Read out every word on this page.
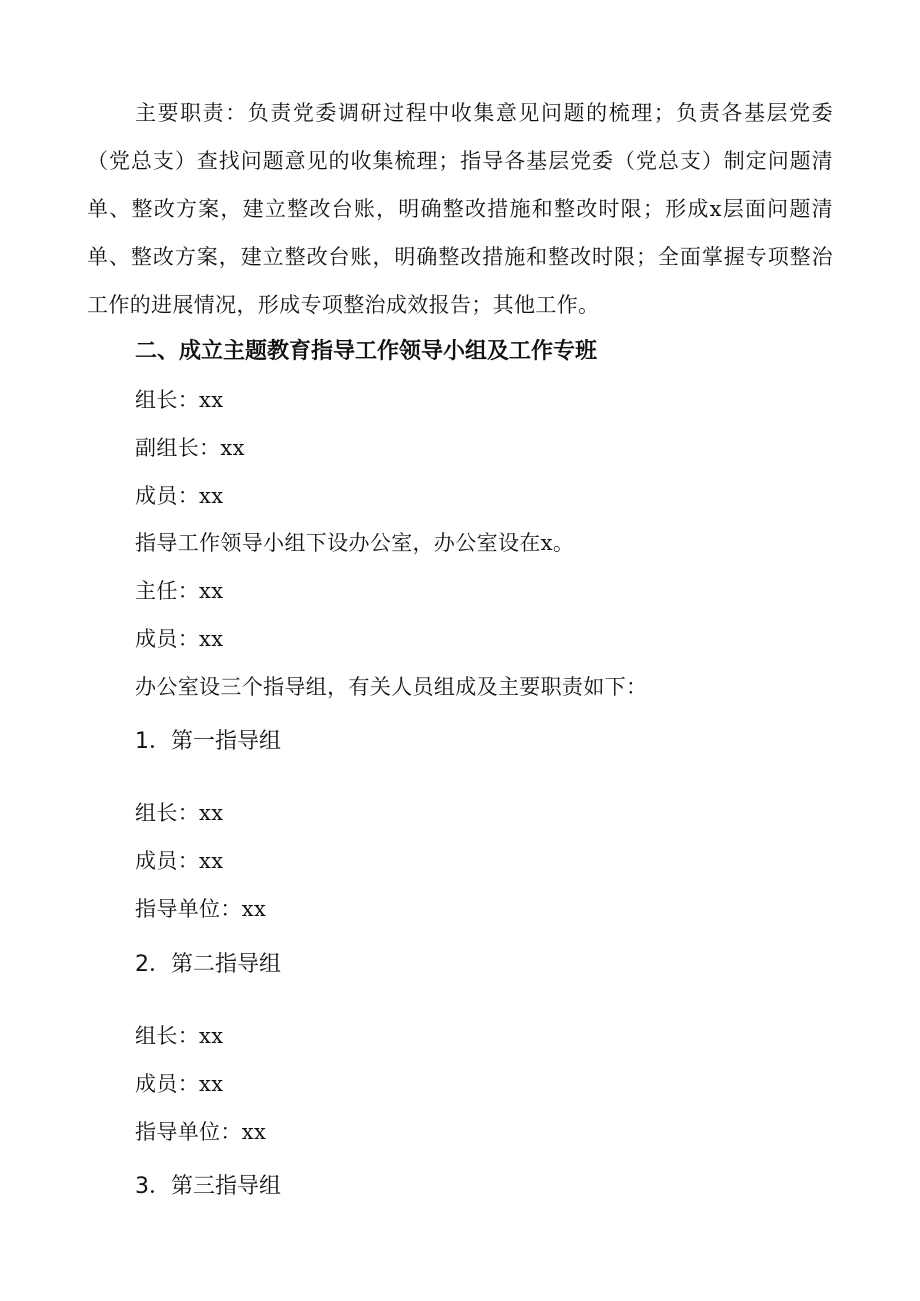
主要职责：负责党委调研过程中收集意见问题的梳理；负责各基层党委（党总支）查找问题意见的收集梳理；指导各基层党委（党总支）制定问题清单、整改方案，建立整改台账，明确整改措施和整改时限；形成x层面问题清单、整改方案，建立整改台账，明确整改措施和整改时限；全面掌握专项整治工作的进展情况，形成专项整治成效报告；其他工作。

二、成立主题教育指导工作领导小组及工作专班

组长：xx

副组长：xx

成员：xx

指导工作领导小组下设办公室，办公室设在x。

主任：xx

成员：xx

办公室设三个指导组，有关人员组成及主要职责如下：

1．第一指导组

组长：xx

成员：xx

指导单位：xx

2．第二指导组

组长：xx

成员：xx

指导单位：xx

3．第三指导组
